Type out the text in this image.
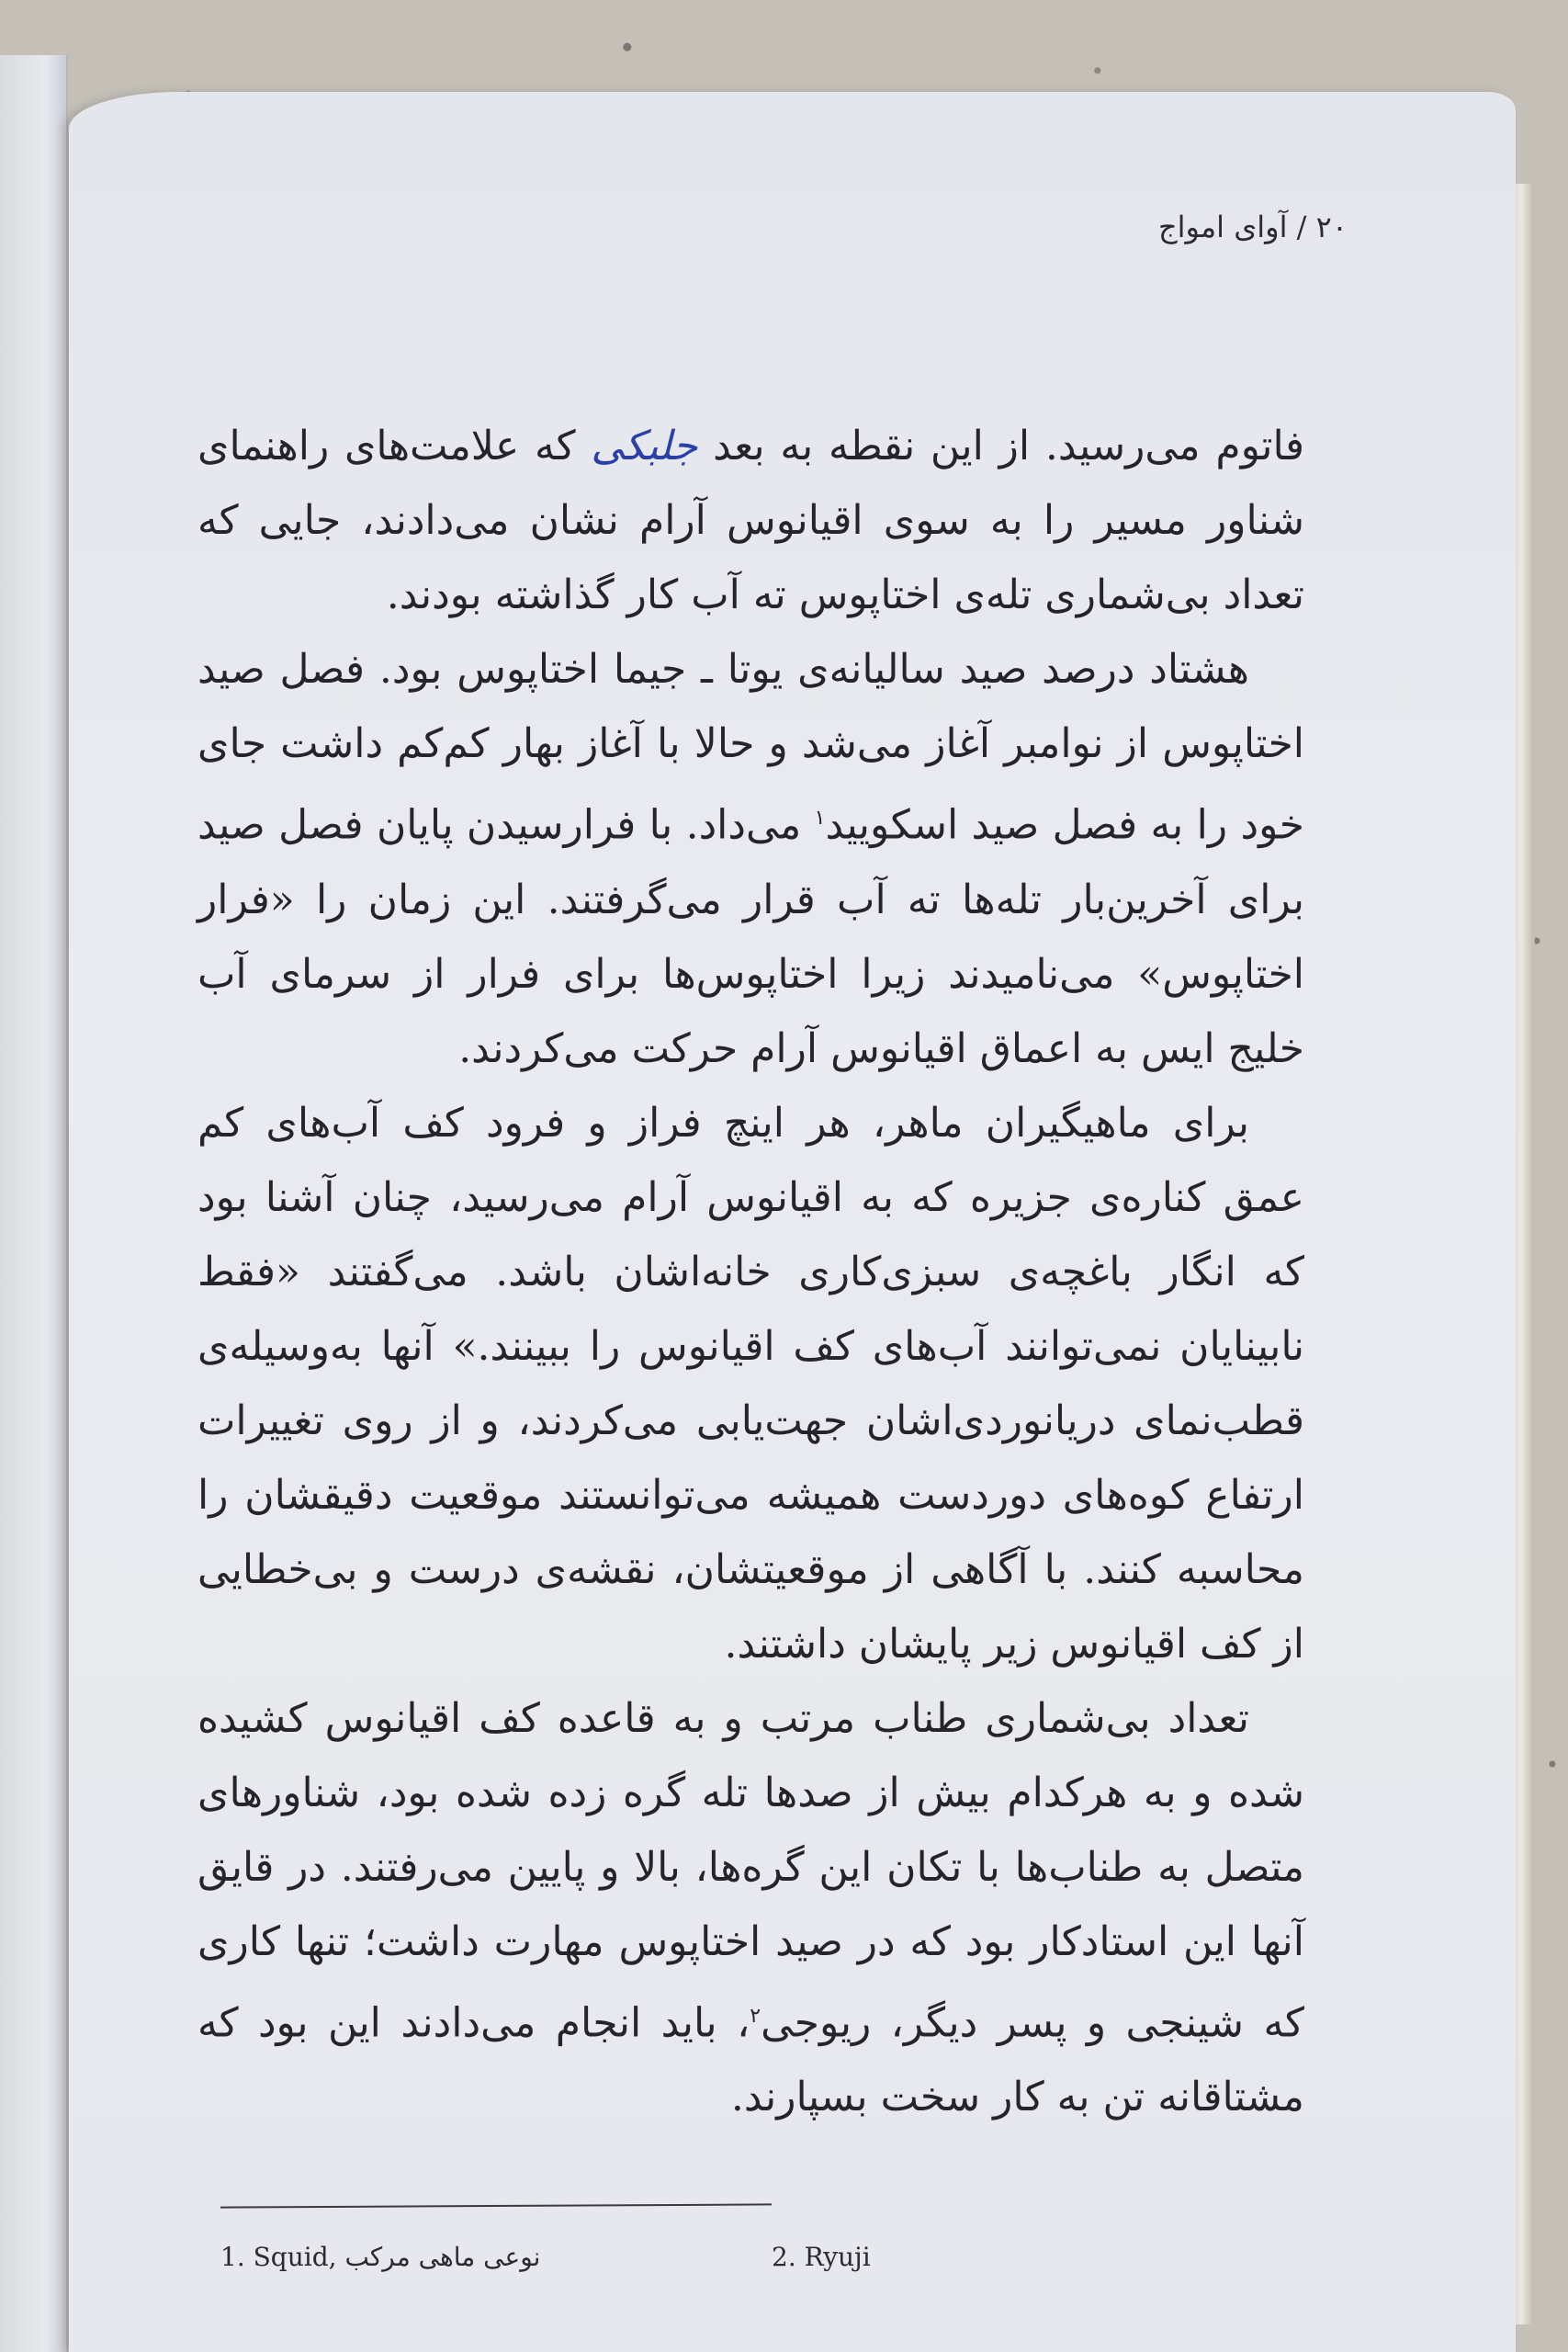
۲۰ / آوای امواج

فاتوم می‌رسید. از این نقطه به بعد جلبکی که علامت‌های راهنمای شناور مسیر را به سوی اقیانوس آرام نشان می‌دادند، جایی که تعداد بی‌شماری تله‌ی اختاپوس ته آب کار گذاشته بودند.

هشتاد درصد صید سالیانه‌ی یوتا ـ جیما اختاپوس بود. فصل صید اختاپوس از نوامبر آغاز می‌شد و حالا با آغاز بهار کم‌کم داشت جای خود را به فصل صید اسکویید$^۱$ می‌داد. با فرارسیدن پایان فصل صید برای آخرین‌بار تله‌ها ته آب قرار می‌گرفتند. این زمان را «فرار اختاپوس» می‌نامیدند زیرا اختاپوس‌ها برای فرار از سرمای آب خلیج ایس به اعماق اقیانوس آرام حرکت می‌کردند.

برای ماهیگیران ماهر، هر اینچ فراز و فرود کف آب‌های کم عمق کناره‌ی جزیره که به اقیانوس آرام می‌رسید، چنان آشنا بود که انگار باغچه‌ی سبزی‌کاری خانه‌اشان باشد. می‌گفتند «فقط نابینایان نمی‌توانند آب‌های کف اقیانوس را ببینند.» آنها به‌وسیله‌ی قطب‌نمای دریانوردی‌اشان جهت‌یابی می‌کردند، و از روی تغییرات ارتفاع کوه‌های دوردست همیشه می‌توانستند موقعیت دقیقشان را محاسبه کنند. با آگاهی از موقعیتشان، نقشه‌ی درست و بی‌خطایی از کف اقیانوس زیر پایشان داشتند.

تعداد بی‌شماری طناب مرتب و به قاعده کف اقیانوس کشیده شده و به هرکدام بیش از صدها تله گره زده شده بود، شناورهای متصل به طناب‌ها با تکان این گره‌ها، بالا و پایین می‌رفتند. در قایق آنها این استادکار بود که در صید اختاپوس مهارت داشت؛ تنها کاری که شینجی و پسر دیگر، ریوجی$^۲$، باید انجام می‌دادند این بود که مشتاقانه تن به کار سخت بسپارند.

1. Squid, نوعی ماهی مرکب	2. Ryuji
